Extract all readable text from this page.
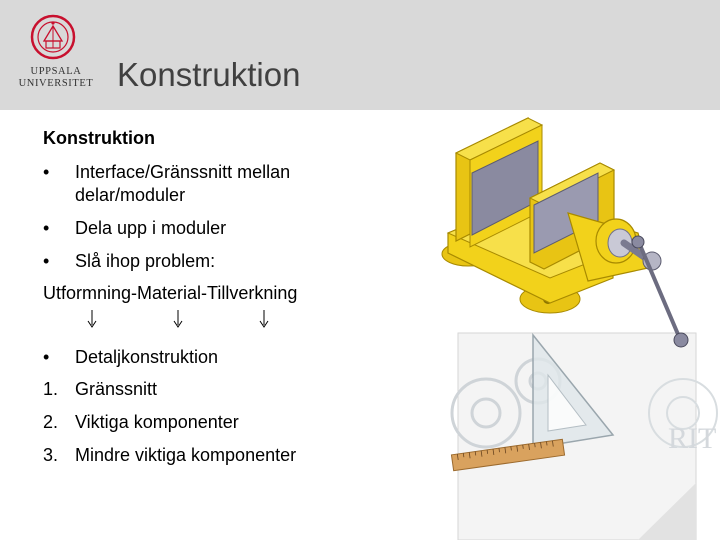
UPPSALA
UNIVERSITET Konstruktion
Konstruktion
•	Interface/Gränssnitt mellan
delar/moduler
•	Dela upp i moduler
•	Slå ihop problem:
Utformning-Material-Tillverkning
•	Detaljkonstruktion
1. Gränssnitt
2. Viktiga komponenter
3. Mindre viktiga komponenter	RIT
